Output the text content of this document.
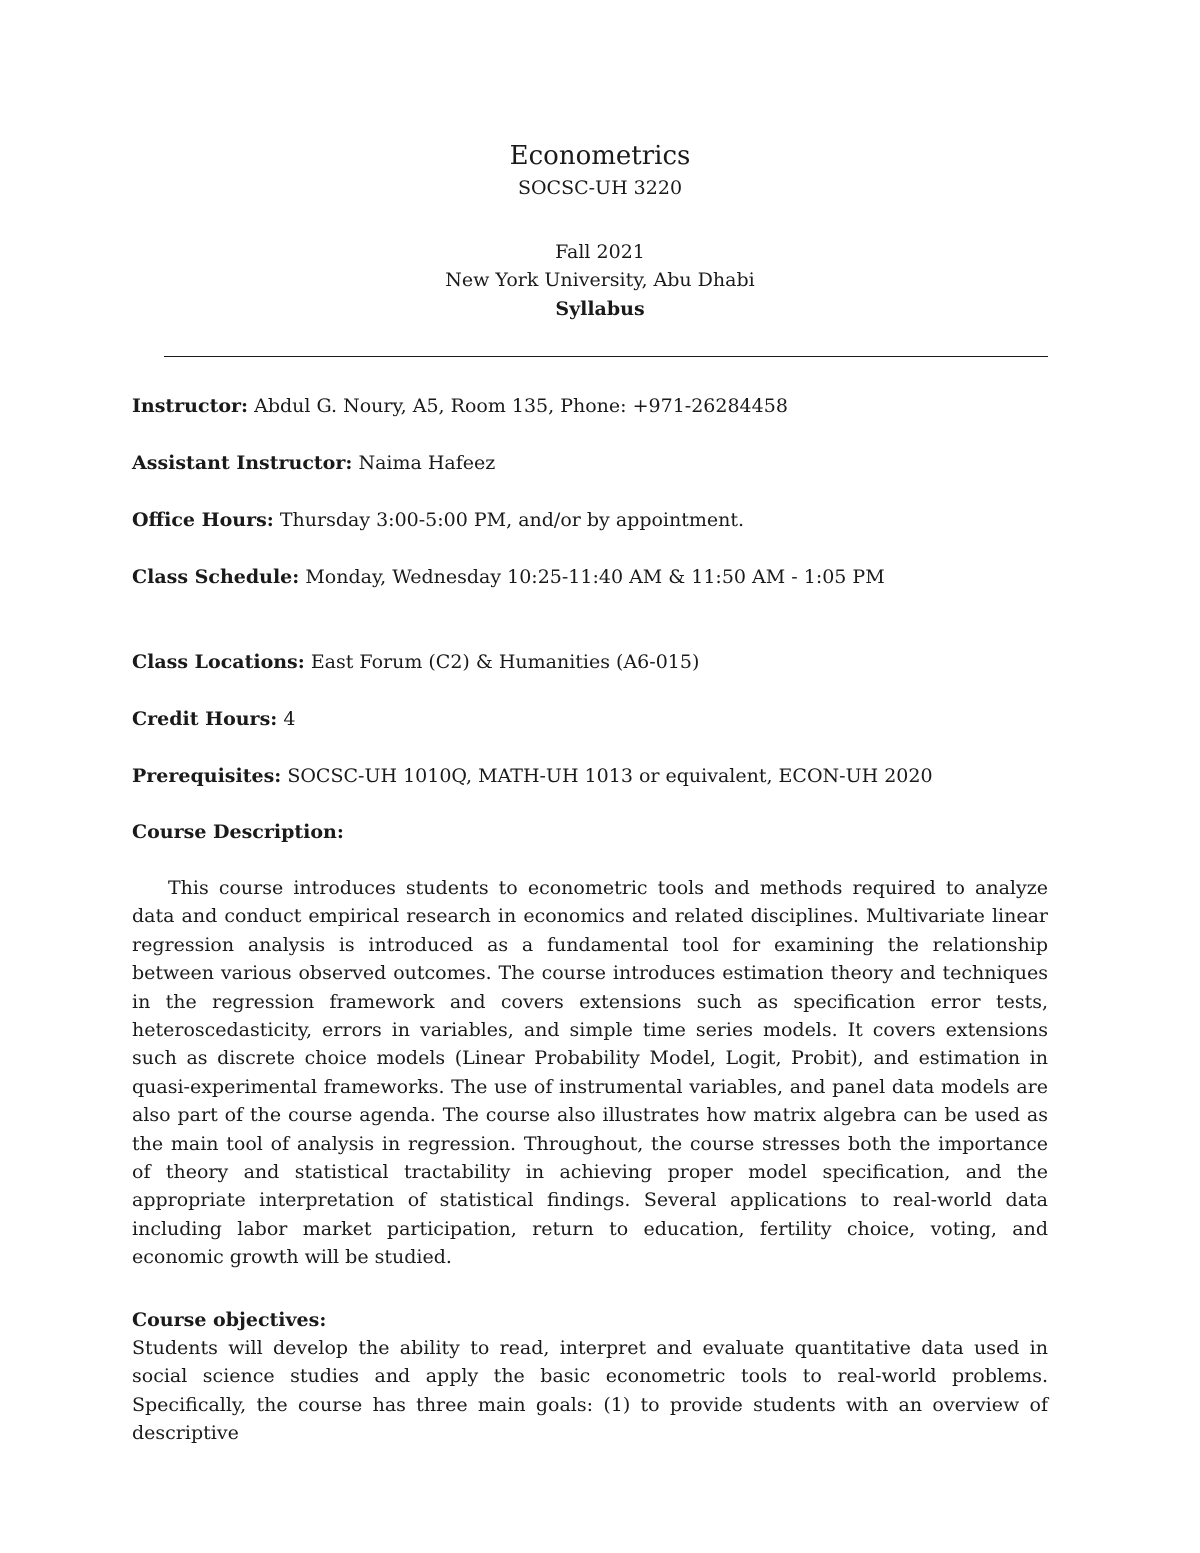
Econometrics
SOCSC-UH 3220
Fall 2021
New York University, Abu Dhabi
Syllabus
Instructor: Abdul G. Noury, A5, Room 135, Phone: +971-26284458
Assistant Instructor: Naima Hafeez
Office Hours: Thursday 3:00-5:00 PM, and/or by appointment.
Class Schedule: Monday, Wednesday 10:25-11:40 AM & 11:50 AM - 1:05 PM
Class Locations: East Forum (C2) & Humanities (A6-015)
Credit Hours: 4
Prerequisites: SOCSC-UH 1010Q, MATH-UH 1013 or equivalent, ECON-UH 2020
Course Description:

This course introduces students to econometric tools and methods required to analyze data and conduct empirical research in economics and related disciplines. Multivariate linear regression analysis is introduced as a fundamental tool for examining the relationship between various observed outcomes. The course introduces estimation theory and techniques in the regression framework and covers extensions such as specification error tests, heteroscedasticity, errors in variables, and simple time series models. It covers extensions such as discrete choice models (Linear Probability Model, Logit, Probit), and estimation in quasi-experimental frameworks. The use of instrumental variables, and panel data models are also part of the course agenda. The course also illustrates how matrix algebra can be used as the main tool of analysis in regression. Throughout, the course stresses both the importance of theory and statistical tractability in achieving proper model specification, and the appropriate interpretation of statistical findings. Several applications to real-world data including labor market participation, return to education, fertility choice, voting, and economic growth will be studied.

Course objectives:

Students will develop the ability to read, interpret and evaluate quantitative data used in social science studies and apply the basic econometric tools to real-world problems. Specifically, the course has three main goals: (1) to provide students with an overview of descriptive
